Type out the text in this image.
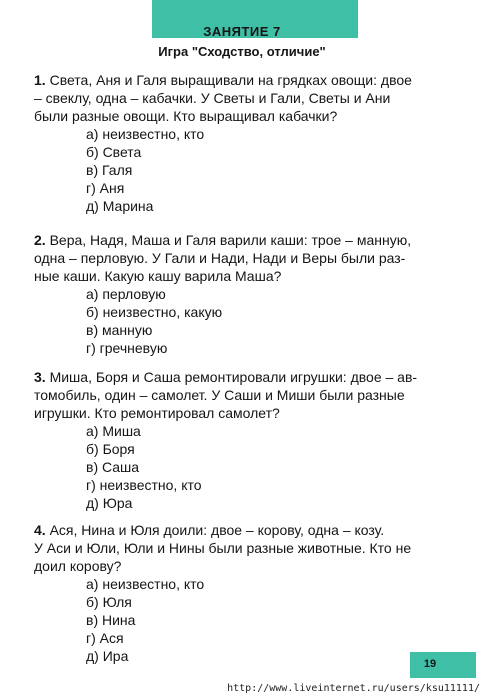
ЗАНЯТИЕ 7
Игра "Сходство, отличие"

1. Света, Аня и Галя выращивали на грядках овощи: двое
– свеклу, одна – кабачки. У Светы и Гали, Светы и Ани
были разные овощи. Кто выращивал кабачки?

а) неизвестно, кто
б) Света
в) Галя
г) Аня
д) Марина

2. Вера, Надя, Маша и Галя варили каши: трое – манную,
одна – перловую. У Гали и Нади, Нади и Веры были раз-
ные каши. Какую кашу варила Маша?

а) перловую
б) неизвестно, какую
в) манную
г) гречневую

3. Миша, Боря и Саша ремонтировали игрушки: двое – ав-
томобиль, один – самолет. У Саши и Миши были разные
игрушки. Кто ремонтировал самолет?

а) Миша
б) Боря
в) Саша
г) неизвестно, кто
д) Юра

4. Ася, Нина и Юля доили: двое – корову, одна – козу.
У Аси и Юли, Юли и Нины были разные животные. Кто не
доил корову?

а) неизвестно, кто
б) Юля
в) Нина
г) Ася
д) Ира	19
http://www.liveinternet.ru/users/ksu11111/
